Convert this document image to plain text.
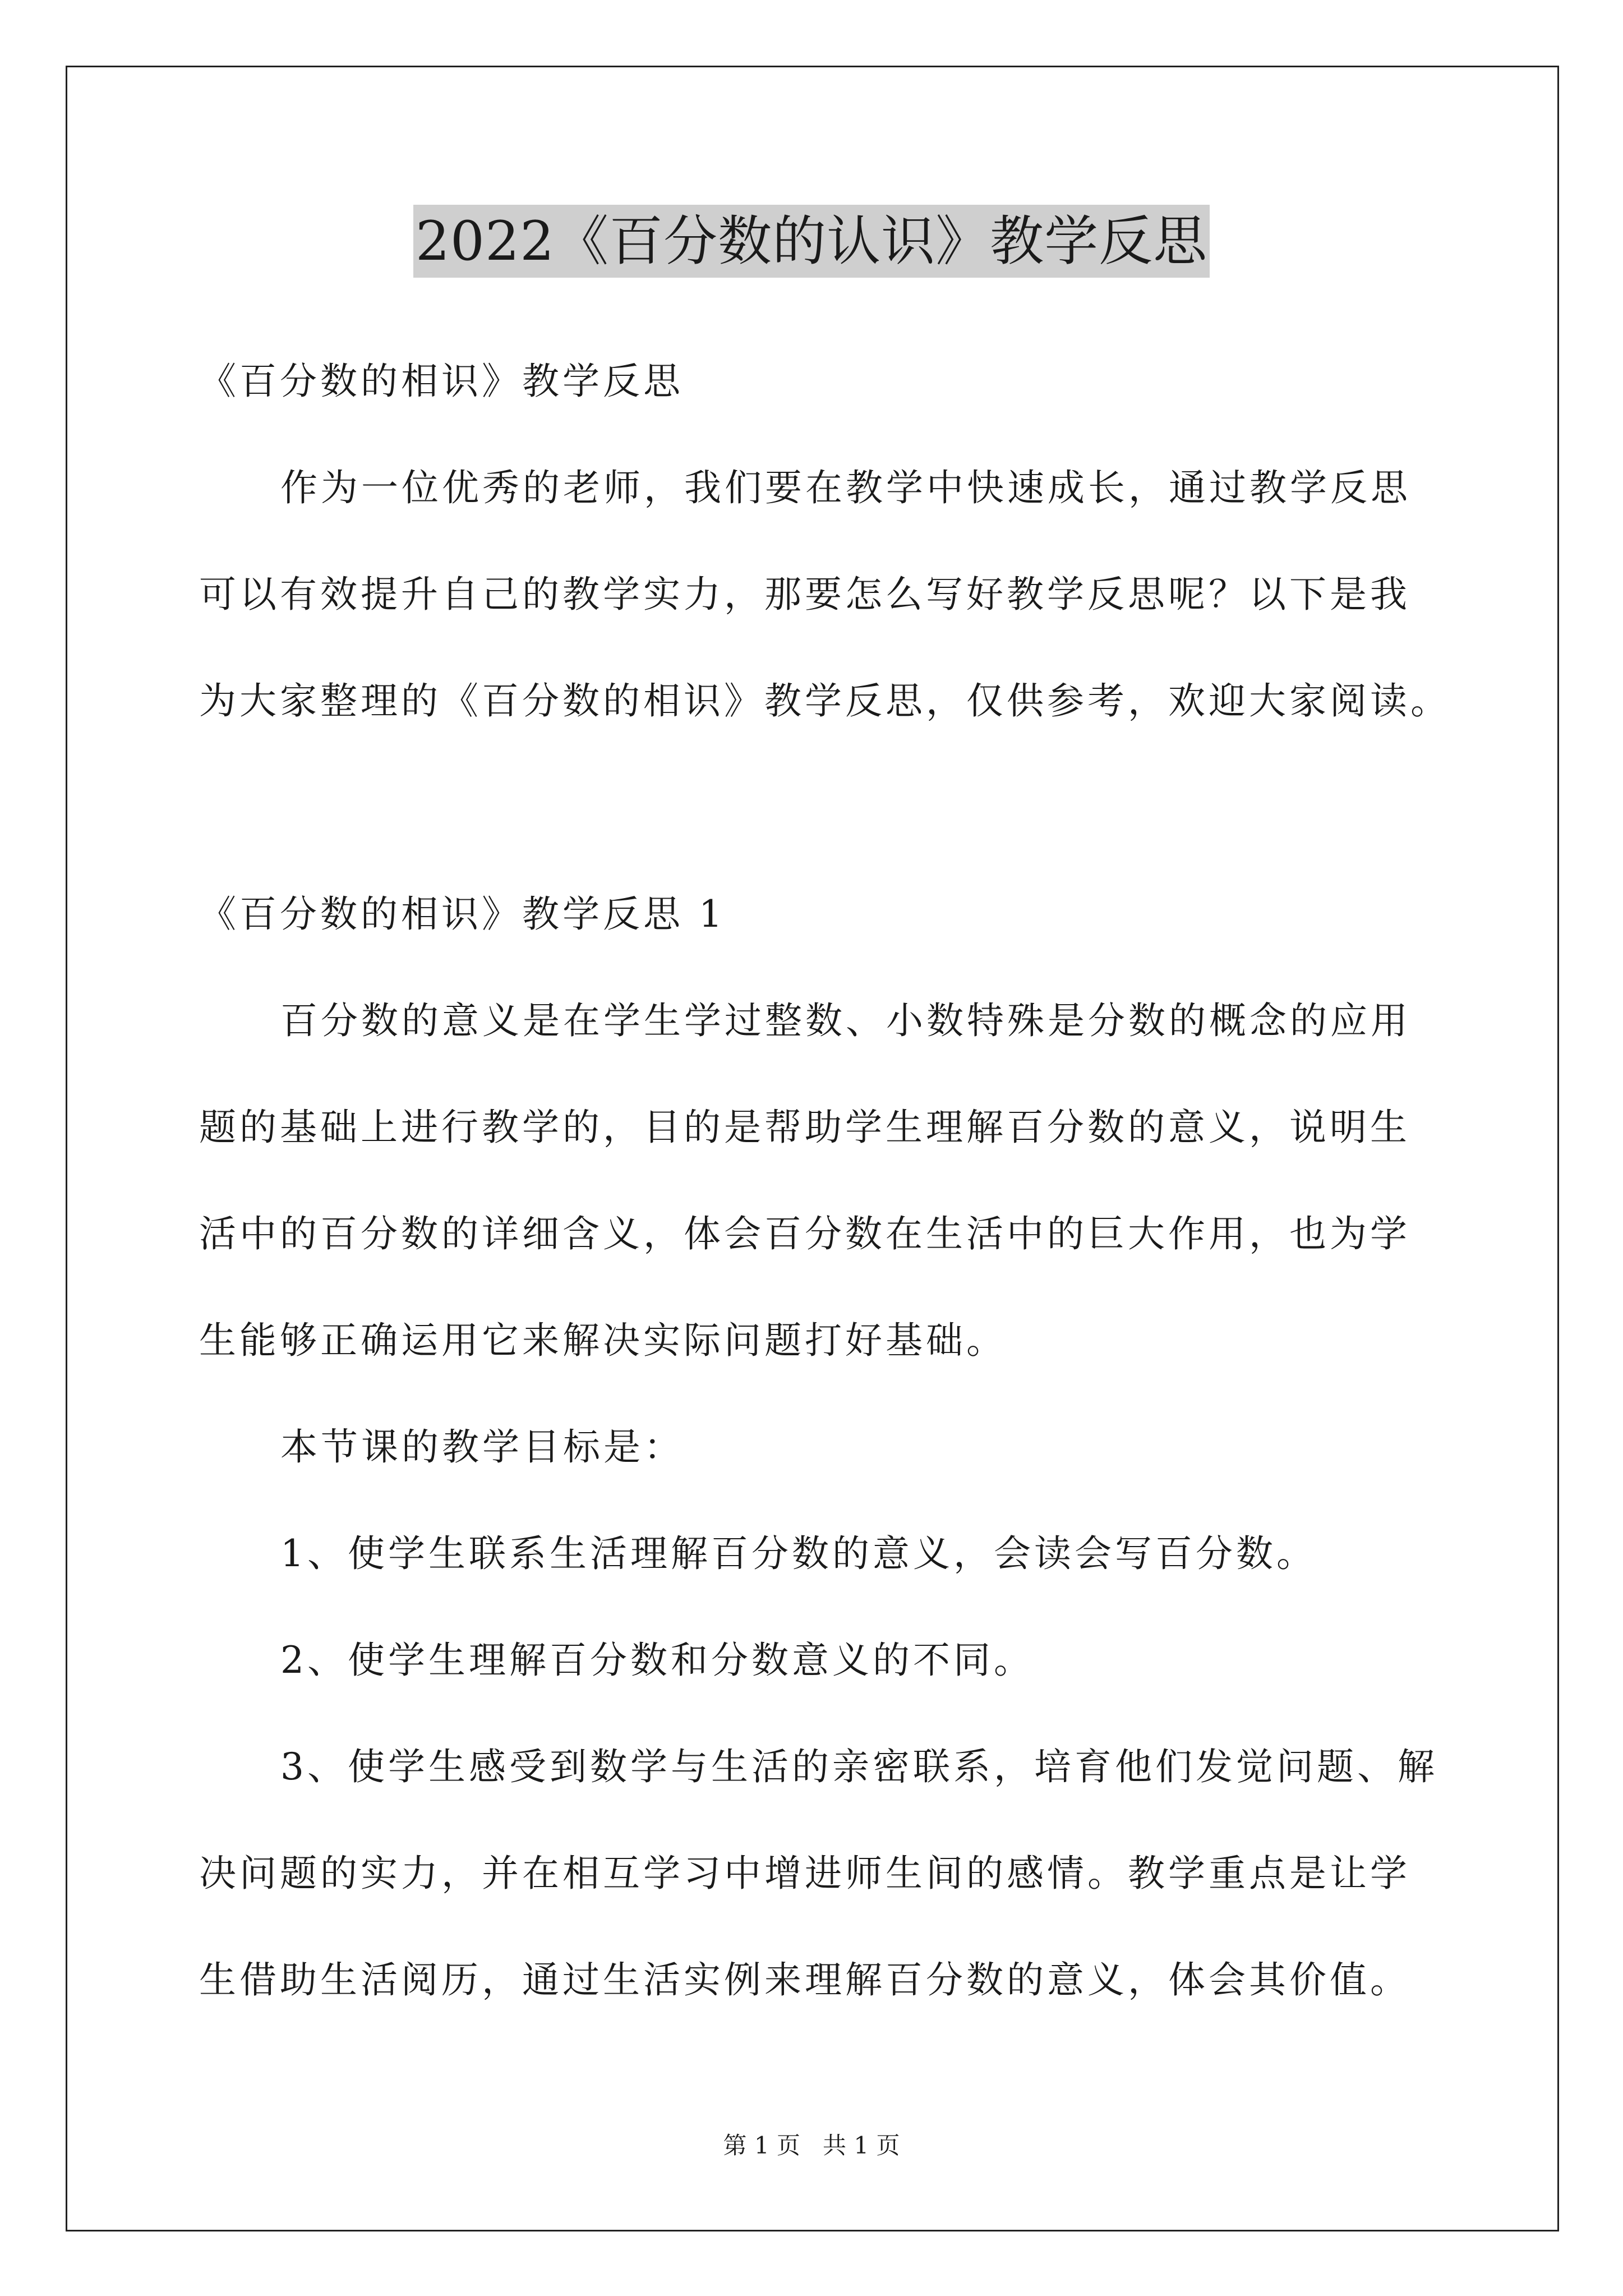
2022《百分数的认识》教学反思
《百分数的相识》教学反思
作为一位优秀的老师，我们要在教学中快速成长，通过教学反思
可以有效提升自己的教学实力，那要怎么写好教学反思呢？以下是我
为大家整理的《百分数的相识》教学反思，仅供参考，欢迎大家阅读。
《百分数的相识》教学反思 1
百分数的意义是在学生学过整数、小数特殊是分数的概念的应用
题的基础上进行教学的，目的是帮助学生理解百分数的意义，说明生
活中的百分数的详细含义，体会百分数在生活中的巨大作用，也为学
生能够正确运用它来解决实际问题打好基础。
本节课的教学目标是：
1、使学生联系生活理解百分数的意义，会读会写百分数。
2、使学生理解百分数和分数意义的不同。
3、使学生感受到数学与生活的亲密联系，培育他们发觉问题、解
决问题的实力，并在相互学习中增进师生间的感情。教学重点是让学
生借助生活阅历，通过生活实例来理解百分数的意义，体会其价值。
第 1 页   共 1 页
